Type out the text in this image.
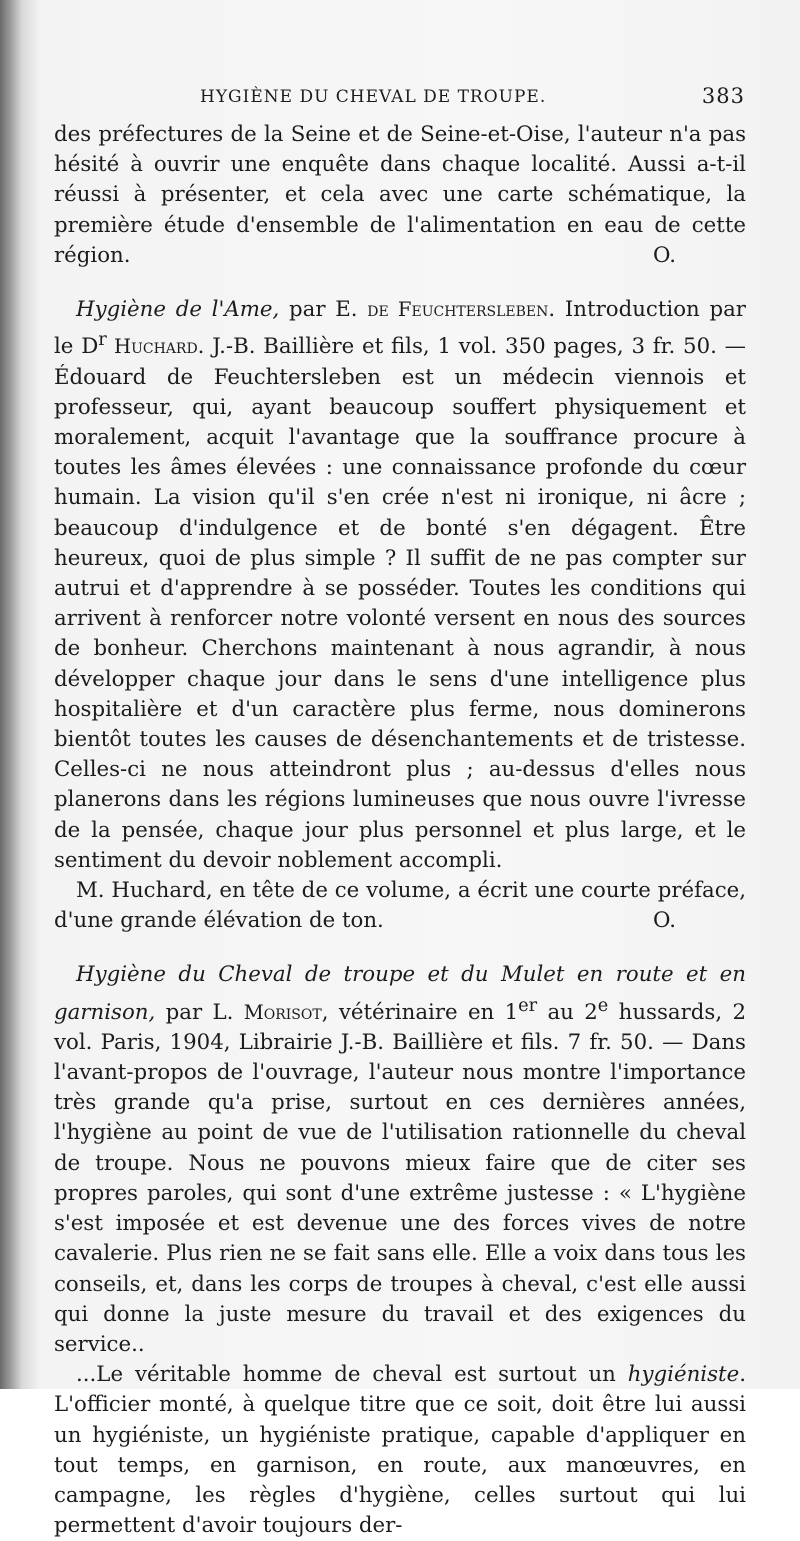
HYGIÈNE DU CHEVAL DE TROUPE.	383

des préfectures de la Seine et de Seine-et-Oise, l'auteur n'a pas hésité à ouvrir une enquête dans chaque localité. Aussi a-t-il réussi à présenter, et cela avec une carte schématique, la première étude d'ensemble de l'alimentation en eau de cette région.	O.

Hygiène de l'Ame, par E. de Feuchtersleben. Introduction par le $D^r$ Huchard. J.-B. Baillière et fils, 1 vol. 350 pages, 3 fr. 50. — Édouard de Feuchtersleben est un médecin viennois et professeur, qui, ayant beaucoup souffert physiquement et moralement, acquit l'avantage que la souffrance procure à toutes les âmes élevées : une connaissance profonde du cœur humain. La vision qu'il s'en crée n'est ni ironique, ni âcre ; beaucoup d'indulgence et de bonté s'en dégagent. Être heureux, quoi de plus simple ? Il suffit de ne pas compter sur autrui et d'apprendre à se posséder. Toutes les conditions qui arrivent à renforcer notre volonté versent en nous des sources de bonheur. Cherchons maintenant à nous agrandir, à nous développer chaque jour dans le sens d'une intelligence plus hospitalière et d'un caractère plus ferme, nous dominerons bientôt toutes les causes de désenchantements et de tristesse. Celles-ci ne nous atteindront plus ; au-dessus d'elles nous planerons dans les régions lumineuses que nous ouvre l'ivresse de la pensée, chaque jour plus personnel et plus large, et le sentiment du devoir noblement accompli.

M. Huchard, en tête de ce volume, a écrit une courte préface, d'une grande élévation de ton.	O.

Hygiène du Cheval de troupe et du Mulet en route et en garnison, par L. Morisot, vétérinaire en 1er au 2e hussards, 2 vol. Paris, 1904, Librairie J.-B. Baillière et fils. 7 fr. 50. — Dans l'avant-propos de l'ouvrage, l'auteur nous montre l'importance très grande qu'a prise, surtout en ces dernières années, l'hygiène au point de vue de l'utilisation rationnelle du cheval de troupe. Nous ne pouvons mieux faire que de citer ses propres paroles, qui sont d'une extrême justesse : « L'hygiène s'est imposée et est devenue une des forces vives de notre cavalerie. Plus rien ne se fait sans elle. Elle a voix dans tous les conseils, et, dans les corps de troupes à cheval, c'est elle aussi qui donne la juste mesure du travail et des exigences du service..

...Le véritable homme de cheval est surtout un hygiéniste. L'officier monté, à quelque titre que ce soit, doit être lui aussi un hygiéniste, un hygiéniste pratique, capable d'appliquer en tout temps, en garnison, en route, aux manœuvres, en campagne, les règles d'hygiène, celles surtout qui lui permettent d'avoir toujours der-
